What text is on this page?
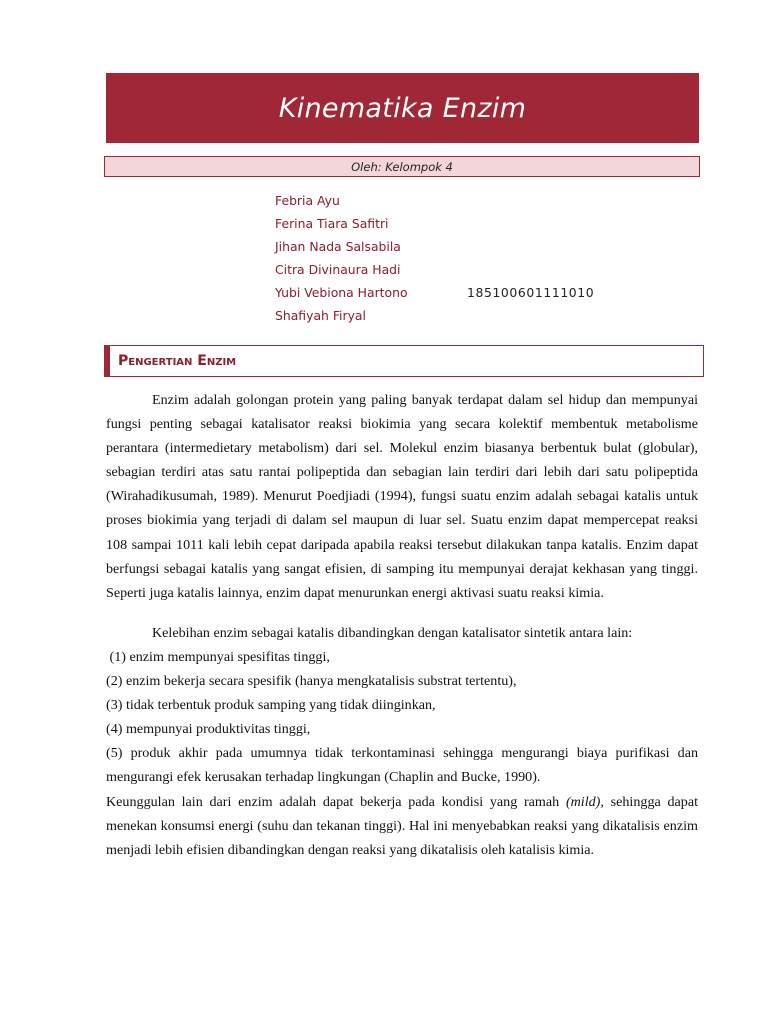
Kinematika Enzim
Oleh: Kelompok 4
Febria Ayu
Ferina Tiara Safitri
Jihan Nada Salsabila
Citra Divinaura Hadi
Yubi Vebiona Hartono	185100601111010
Shafiyah Firyal
Pengertian Enzim

Enzim adalah golongan protein yang paling banyak terdapat dalam sel hidup dan mempunyai fungsi penting sebagai katalisator reaksi biokimia yang secara kolektif membentuk metabolisme perantara (intermedietary metabolism) dari sel. Molekul enzim biasanya berbentuk bulat (globular), sebagian terdiri atas satu rantai polipeptida dan sebagian lain terdiri dari lebih dari satu polipeptida (Wirahadikusumah, 1989). Menurut Poedjiadi (1994), fungsi suatu enzim adalah sebagai katalis untuk proses biokimia yang terjadi di dalam sel maupun di luar sel. Suatu enzim dapat mempercepat reaksi 108 sampai 1011 kali lebih cepat daripada apabila reaksi tersebut dilakukan tanpa katalis. Enzim dapat berfungsi sebagai katalis yang sangat efisien, di samping itu mempunyai derajat kekhasan yang tinggi. Seperti juga katalis lainnya, enzim dapat menurunkan energi aktivasi suatu reaksi kimia.

Kelebihan enzim sebagai katalis dibandingkan dengan katalisator sintetik antara lain:

(1) enzim mempunyai spesifitas tinggi,

(2) enzim bekerja secara spesifik (hanya mengkatalisis substrat tertentu),

(3) tidak terbentuk produk samping yang tidak diinginkan,

(4) mempunyai produktivitas tinggi,

(5) produk akhir pada umumnya tidak terkontaminasi sehingga mengurangi biaya purifikasi dan mengurangi efek kerusakan terhadap lingkungan (Chaplin and Bucke, 1990).

Keunggulan lain dari enzim adalah dapat bekerja pada kondisi yang ramah (mild), sehingga dapat menekan konsumsi energi (suhu dan tekanan tinggi). Hal ini menyebabkan reaksi yang dikatalisis enzim menjadi lebih efisien dibandingkan dengan reaksi yang dikatalisis oleh katalisis kimia.
